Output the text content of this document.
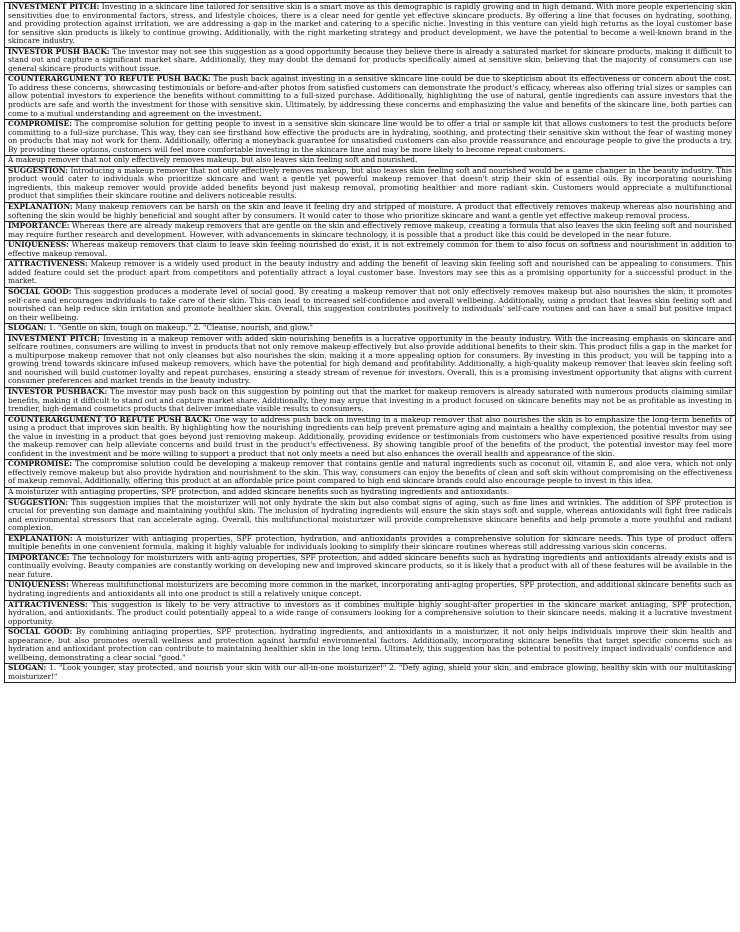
INVESTMENT PITCH: Investing in a skincare line tailored for sensitive skin is a smart move as this demographic is rapidly growing and in high demand. With more people experiencing skin sensitivities due to environmental factors, stress, and lifestyle choices, there is a clear need for gentle yet effective skincare products. By offering a line that focuses on hydrating, soothing, and providing protection against irritation, we are addressing a gap in the market and catering to a specific niche. Investing in this venture can yield high returns as the loyal customer base for sensitive skin products is likely to continue growing. Additionally, with the right marketing strategy and product development, we have the potential to become a well-known brand in the skincare industry.
INVESTOR PUSH BACK: The investor may not see this suggestion as a good opportunity because they believe there is already a saturated market for skincare products, making it difficult to stand out and capture a significant market share. Additionally, they may doubt the demand for products specifically aimed at sensitive skin, believing that the majority of consumers can use general skincare products without issue.
COUNTERARGUMENT TO REFUTE PUSH BACK: The push back against investing in a sensitive skincare line could be due to skepticism about its effectiveness or concern about the cost. To address these concerns, showcasing testimonials or before-and-after photos from satisfied customers can demonstrate the product's efficacy, whereas also offering trial sizes or samples can allow potential investors to experience the benefits without committing to a full-sized purchase. Additionally, highlighting the use of natural, gentle ingredients can assure investors that the products are safe and worth the investment for those with sensitive skin. Ultimately, by addressing these concerns and emphasizing the value and benefits of the skincare line, both parties can come to a mutual understanding and agreement on the investment.
COMPROMISE: The compromise solution for getting people to invest in a sensitive skin skincare line would be to offer a trial or sample kit that allows customers to test the products before committing to a full-size purchase. This way, they can see firsthand how effective the products are in hydrating, soothing, and protecting their sensitive skin without the fear of wasting money on products that may not work for them. Additionally, offering a moneyback guarantee for unsatisfied customers can also provide reassurance and encourage people to give the products a try. By providing these options, customers will feel more comfortable investing in the skincare line and may be more likely to become repeat customers.
A makeup remover that not only effectively removes makeup, but also leaves skin feeling soft and nourished.
SUGGESTION: Introducing a makeup remover that not only effectively removes makeup, but also leaves skin feeling soft and nourished would be a game changer in the beauty industry. This product would cater to individuals who prioritize skincare and want a gentle yet powerful makeup remover that doesn't strip their skin of essential oils. By incorporating nourishing ingredients, this makeup remover would provide added benefits beyond just makeup removal, promoting healthier and more radiant skin. Customers would appreciate a multifunctional product that simplifies their skincare routine and delivers noticeable results.
EXPLANATION: Many makeup removers can be harsh on the skin and leave it feeling dry and stripped of moisture. A product that effectively removes makeup whereas also nourishing and softening the skin would be highly beneficial and sought after by consumers. It would cater to those who prioritize skincare and want a gentle yet effective makeup removal process.
IMPORTANCE: Whereas there are already makeup removers that are gentle on the skin and effectively remove makeup, creating a formula that also leaves the skin feeling soft and nourished may require further research and development. However, with advancements in skincare technology, it is possible that a product like this could be developed in the near future.
UNIQUENESS: Whereas makeup removers that claim to leave skin feeling nourished do exist, it is not extremely common for them to also focus on softness and nourishment in addition to effective makeup removal.
ATTRACTIVENESS: Makeup remover is a widely used product in the beauty industry and adding the benefit of leaving skin feeling soft and nourished can be appealing to consumers. This added feature could set the product apart from competitors and potentially attract a loyal customer base. Investors may see this as a promising opportunity for a successful product in the market.
SOCIAL GOOD: This suggestion produces a moderate level of social good. By creating a makeup remover that not only effectively removes makeup but also nourishes the skin, it promotes self-care and encourages individuals to take care of their skin. This can lead to increased self-confidence and overall wellbeing. Additionally, using a product that leaves skin feeling soft and nourished can help reduce skin irritation and promote healthier skin. Overall, this suggestion contributes positively to individuals' self-care routines and can have a small but positive impact on their wellbeing.
SLOGAN: 1. "Gentle on skin, tough on makeup." 2. "Cleanse, nourish, and glow."
INVESTMENT PITCH: Investing in a makeup remover with added skin nourishing benefits is a lucrative opportunity in the beauty industry. With the increasing emphasis on skincare and selfcare routines, consumers are willing to invest in products that not only remove makeup effectively but also provide additional benefits to their skin. This product fills a gap in the market for a multipurpose makeup remover that not only cleanses but also nourishes the skin, making it a more appealing option for consumers. By investing in this product, you will be tapping into a growing trend towards skincare infused makeup removers, which have the potential for high demand and profitability. Additionally, a high-quality makeup remover that leaves skin feeling soft and nourished will build customer loyalty and repeat purchases, ensuring a steady stream of revenue for investors. Overall, this is a promising investment opportunity that aligns with current consumer preferences and market trends in the beauty industry.
INVESTOR PUSHBACK: The investor may push back on this suggestion by pointing out that the market for makeup removers is already saturated with numerous products claiming similar benefits, making it difficult to stand out and capture market share. Additionally, they may argue that investing in a product focused on skincare benefits may not be as profitable as investing in trendier, high-demand cosmetics products that deliver immediate visible results to consumers.
COUNTERARGUMENT TO REFUTE PUSH BACK: One way to address push back on investing in a makeup remover that also nourishes the skin is to emphasize the long-term benefits of using a product that improves skin health. By highlighting how the nourishing ingredients can help prevent premature aging and maintain a healthy complexion, the potential investor may see the value in investing in a product that goes beyond just removing makeup. Additionally, providing evidence or testimonials from customers who have experienced positive results from using the makeup remover can help alleviate concerns and build trust in the product's effectiveness. By showing tangible proof of the benefits of the product, the potential investor may feel more confident in the investment and be more willing to support a product that not only meets a need but also enhances the overall health and appearance of the skin.
COMPROMISE: The compromise solution could be developing a makeup remover that contains gentle and natural ingredients such as coconut oil, vitamin E, and aloe vera, which not only effectively remove makeup but also provide hydration and nourishment to the skin. This way, consumers can enjoy the benefits of clean and soft skin without compromising on the effectiveness of makeup removal. Additionally, offering this product at an affordable price point compared to high end skincare brands could also encourage people to invest in this idea.
A moisturizer with antiaging properties, SPF protection, and added skincare benefits such as hydrating ingredients and antioxidants.
SUGGESTION: This suggestion implies that the moisturizer will not only hydrate the skin but also combat signs of aging, such as fine lines and wrinkles. The addition of SPF protection is crucial for preventing sun damage and maintaining youthful skin. The inclusion of hydrating ingredients will ensure the skin stays soft and supple, whereas antioxidants will fight free radicals and environmental stressors that can accelerate aging. Overall, this multifunctional moisturizer will provide comprehensive skincare benefits and help promote a more youthful and radiant complexion.
EXPLANATION: A moisturizer with antiaging properties, SPF protection, hydration, and antioxidants provides a comprehensive solution for skincare needs. This type of product offers multiple benefits in one convenient formula, making it highly valuable for individuals looking to simplify their skincare routines whereas still addressing various skin concerns.
IMPORTANCE: The technology for moisturizers with anti-aging properties, SPF protection, and added skincare benefits such as hydrating ingredients and antioxidants already exists and is continually evolving. Beauty companies are constantly working on developing new and improved skincare products, so it is likely that a product with all of these features will be available in the near future.
UNIQUENESS: Whereas multifunctional moisturizers are becoming more common in the market, incorporating anti-aging properties, SPF protection, and additional skincare benefits such as hydrating ingredients and antioxidants all into one product is still a relatively unique concept.
ATTRACTIVENESS: This suggestion is likely to be very attractive to investors as it combines multiple highly sought-after properties in the skincare market antiaging, SPF protection, hydration, and antioxidants. The product could potentially appeal to a wide range of consumers looking for a comprehensive solution to their skincare needs, making it a lucrative investment opportunity.
SOCIAL GOOD: By combining antiaging properties, SPF protection, hydrating ingredients, and antioxidants in a moisturizer, it not only helps individuals improve their skin health and appearance, but also promotes overall wellness and protection against harmful environmental factors. Additionally, incorporating skincare benefits that target specific concerns such as hydration and antioxidant protection can contribute to maintaining healthier skin in the long term. Ultimately, this suggestion has the potential to positively impact individuals' confidence and wellbeing, demonstrating a clear social "good."
SLOGAN: 1. "Look younger, stay protected, and nourish your skin with our all-in-one moisturizer!" 2. "Defy aging, shield your skin, and embrace glowing, healthy skin with our multitasking moisturizer!"
